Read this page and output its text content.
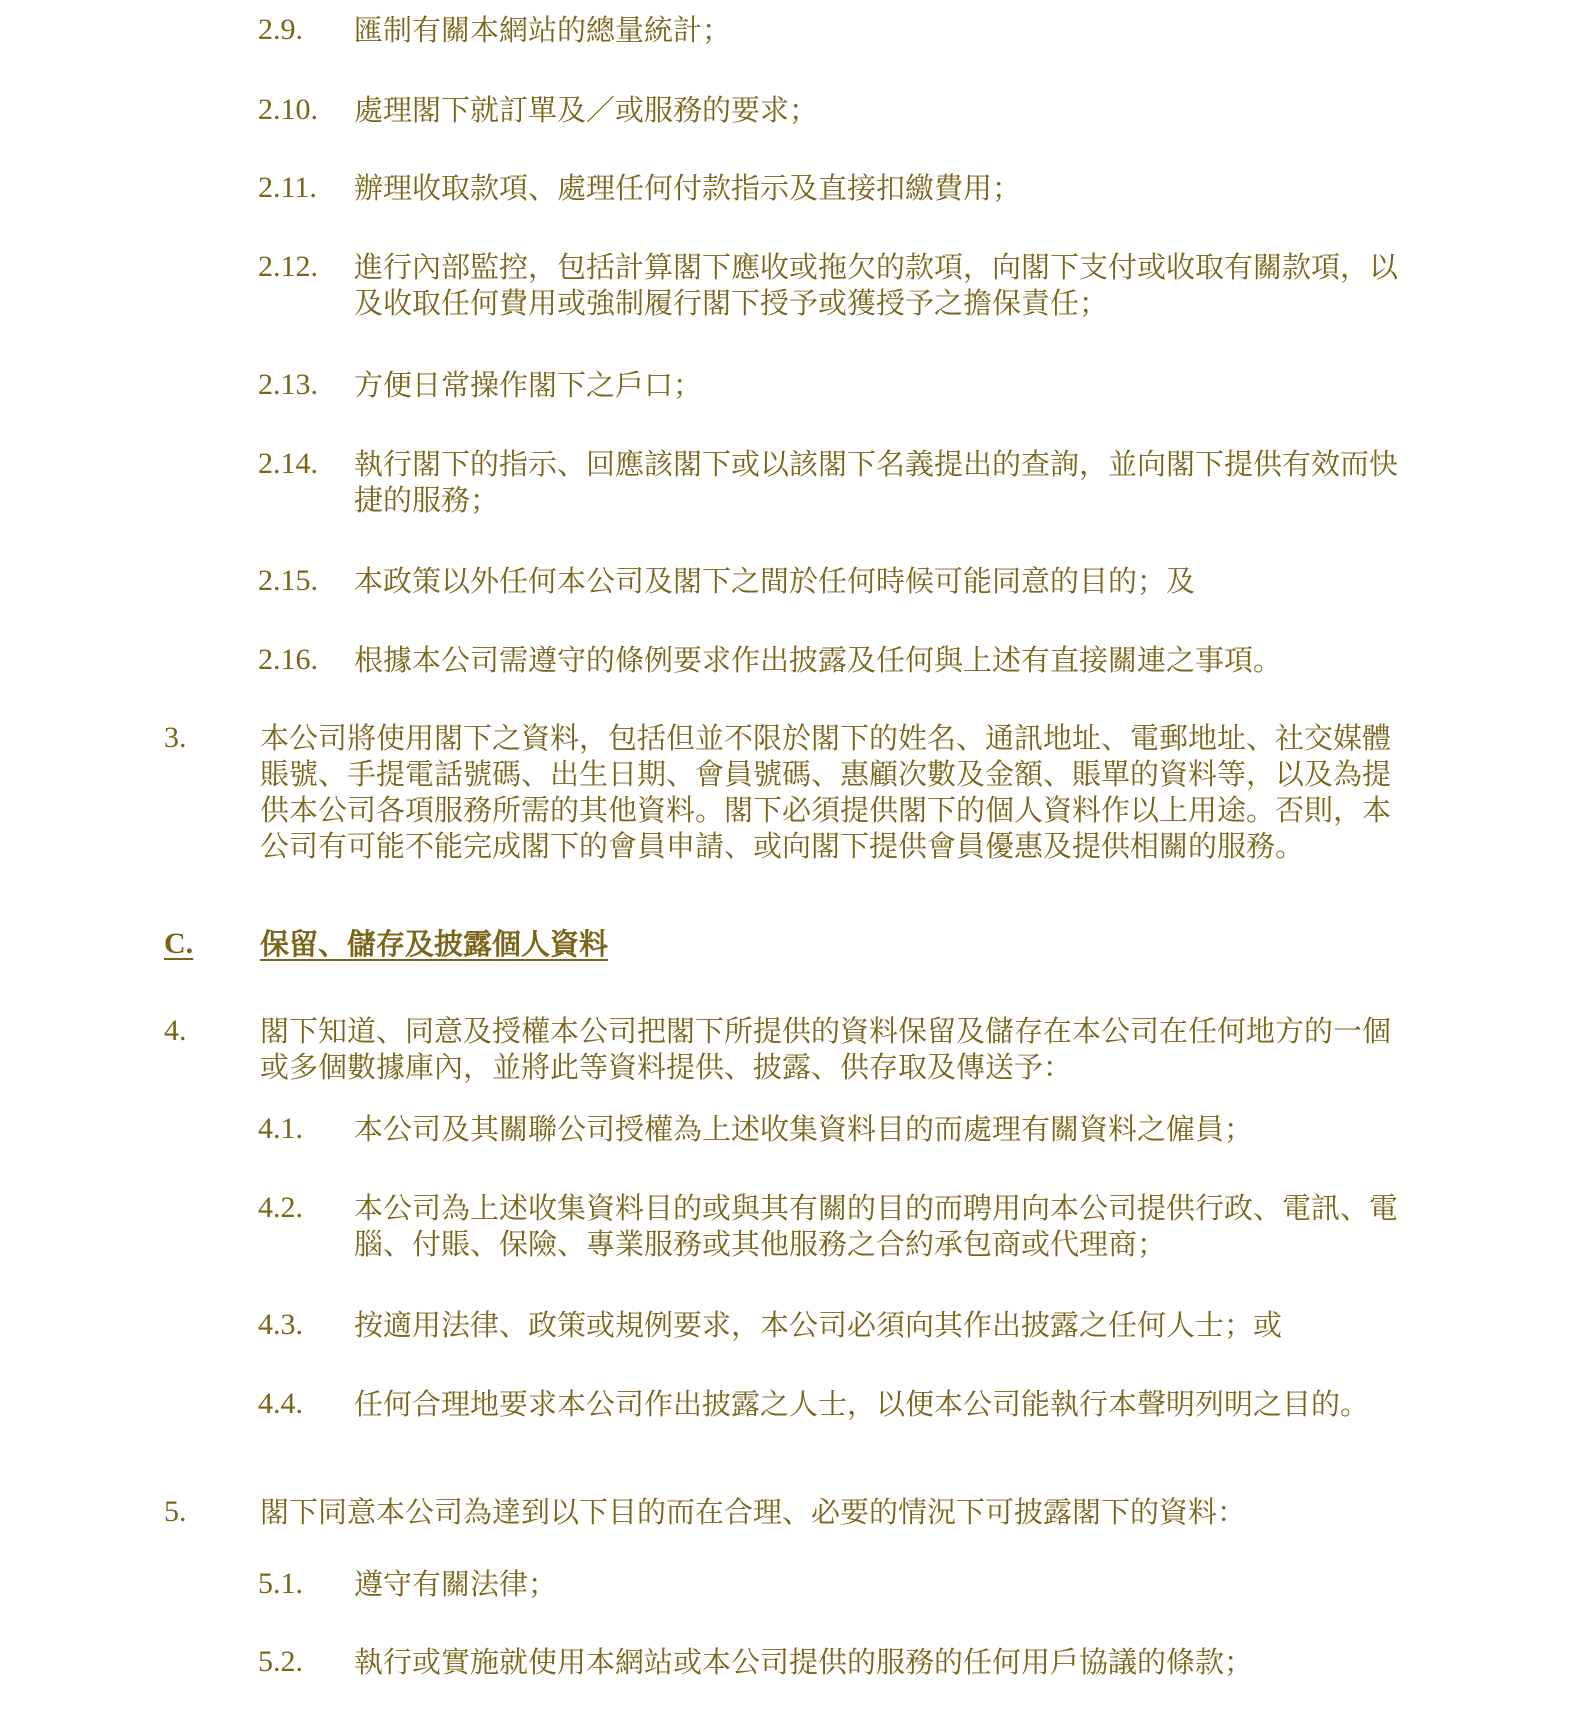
2.9.	匯制有關本網站的總量統計；
2.10.	處理閣下就訂單及／或服務的要求；
2.11.	辦理收取款項、處理任何付款指示及直接扣繳費用；
2.12.	進行內部監控，包括計算閣下應收或拖欠的款項，向閣下支付或收取有關款項，以及收取任何費用或強制履行閣下授予或獲授予之擔保責任；
2.13.	方便日常操作閣下之戶口；
2.14.	執行閣下的指示、回應該閣下或以該閣下名義提出的查詢，並向閣下提供有效而快捷的服務；
2.15.	本政策以外任何本公司及閣下之間於任何時候可能同意的目的；及
2.16.	根據本公司需遵守的條例要求作出披露及任何與上述有直接關連之事項。
3.	本公司將使用閣下之資料，包括但並不限於閣下的姓名、通訊地址、電郵地址、社交媒體賬號、手提電話號碼、出生日期、會員號碼、惠顧次數及金額、賬單的資料等，以及為提供本公司各項服務所需的其他資料。閣下必須提供閣下的個人資料作以上用途。否則，本公司有可能不能完成閣下的會員申請、或向閣下提供會員優惠及提供相關的服務。
C.	保留、儲存及披露個人資料
4.	閣下知道、同意及授權本公司把閣下所提供的資料保留及儲存在本公司在任何地方的一個或多個數據庫內，並將此等資料提供、披露、供存取及傳送予：
4.1.	本公司及其關聯公司授權為上述收集資料目的而處理有關資料之僱員；
4.2.	本公司為上述收集資料目的或與其有關的目的而聘用向本公司提供行政、電訊、電腦、付賬、保險、專業服務或其他服務之合約承包商或代理商；
4.3.	按適用法律、政策或規例要求，本公司必須向其作出披露之任何人士；或
4.4.	任何合理地要求本公司作出披露之人士，以便本公司能執行本聲明列明之目的。
5.	閣下同意本公司為達到以下目的而在合理、必要的情況下可披露閣下的資料：
5.1.	遵守有關法律；
5.2.	執行或實施就使用本網站或本公司提供的服務的任何用戶協議的條款；
